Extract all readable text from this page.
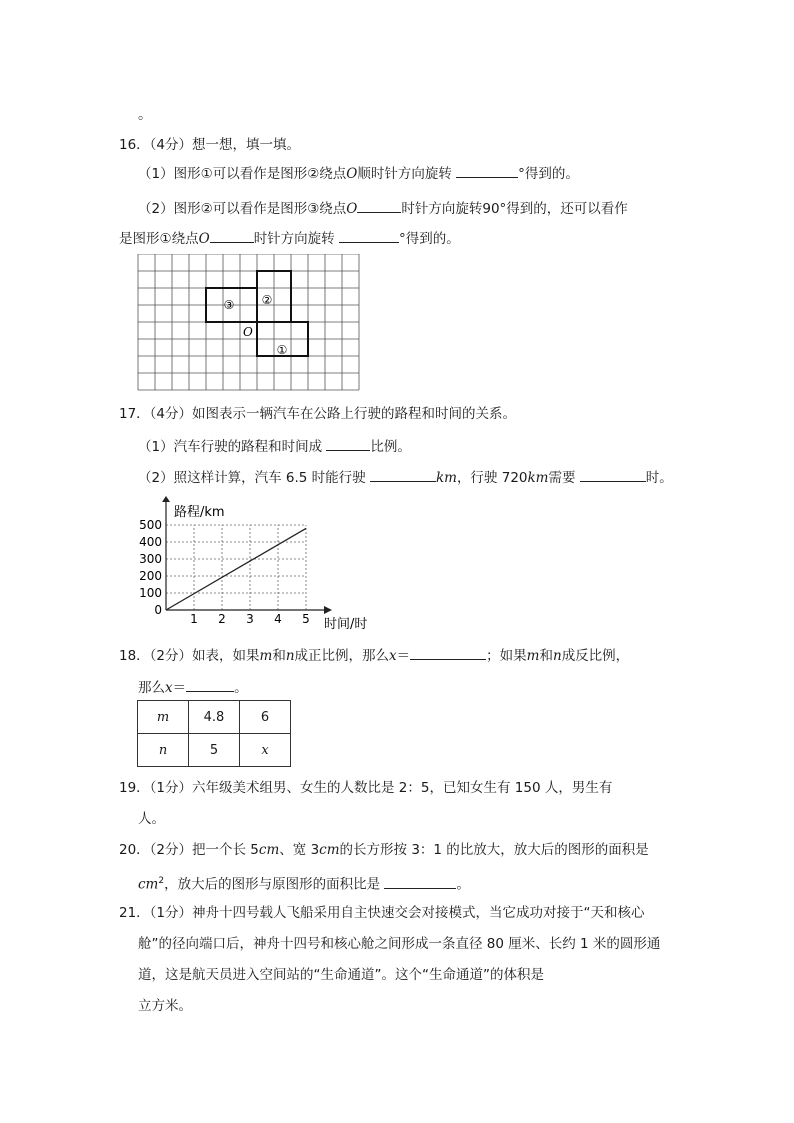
。
16．（4分）想一想，填一填。
（1）图形①可以看作是图形②绕点O顺时针方向旋转	°得到的。
（2）图形②可以看作是图形③绕点O	时针方向旋转90°得到的，还可以看作
是图形①绕点O	时针方向旋转	°得到的。
③ ②
①
O
17．（4分）如图表示一辆汽车在公路上行驶的路程和时间的关系。
（1）汽车行驶的路程和时间成	比例。
（2）照这样计算，汽车 6.5 时能行驶	km，行驶 720km需要	时。
1 2 3 4 5
0
100
200
300
400
500
路程/km
时间/时
18．（2分）如表，如果m和n成正比例，那么x＝	；如果m和n成反比例，
那么x＝	。
m	4.8	6
n	5	x
19．（1分）六年级美术组男、女生的人数比是 2：5，已知女生有 150 人，男生有
人。
20．（2分）把一个长 5cm、宽 3cm的长方形按 3：1 的比放大，放大后的图形的面积是
$cm^2$，放大后的图形与原图形的面积比是	。
21．（1分）神舟十四号载人飞船采用自主快速交会对接模式，当它成功对接于“天和核心
舱”的径向端口后，神舟十四号和核心舱之间形成一条直径 80 厘米、长约 1 米的圆形通
道，这是航天员进入空间站的“生命通道”。这个“生命通道”的体积是
立方米。
